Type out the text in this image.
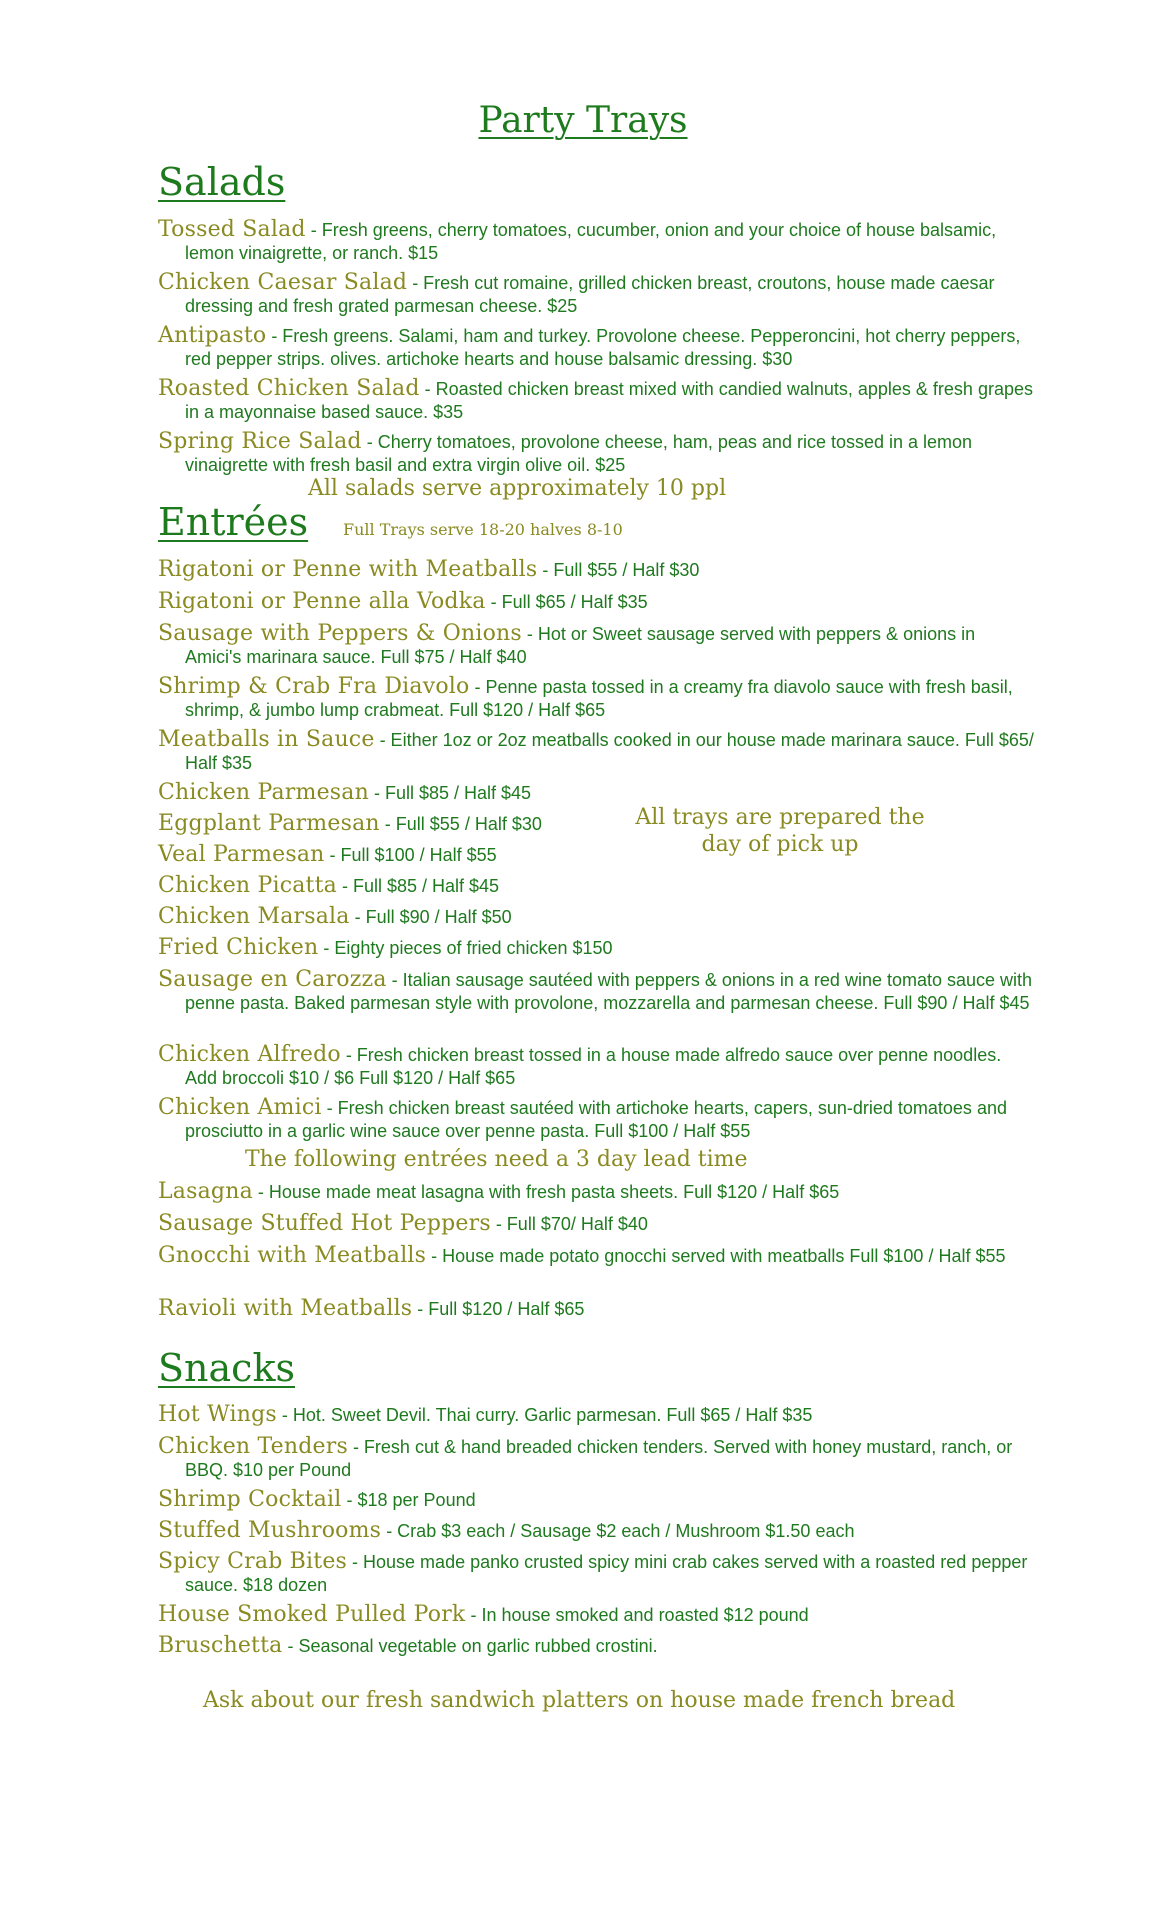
Party Trays
Salads
Tossed Salad - Fresh greens, cherry tomatoes, cucumber, onion and your choice of house balsamic, lemon vinaigrette, or ranch. $15
Chicken Caesar Salad - Fresh cut romaine, grilled chicken breast, croutons, house made caesar dressing and fresh grated parmesan cheese. $25
Antipasto - Fresh greens. Salami, ham and turkey. Provolone cheese. Pepperoncini, hot cherry peppers, red pepper strips. olives. artichoke hearts and house balsamic dressing. $30
Roasted Chicken Salad - Roasted chicken breast mixed with candied walnuts, apples & fresh grapes in a mayonnaise based sauce. $35
Spring Rice Salad - Cherry tomatoes, provolone cheese, ham, peas and rice tossed in a lemon vinaigrette with fresh basil and extra virgin olive oil. $25
All salads serve approximately 10 ppl
Entrées Full Trays serve 18-20 halves 8-10
Rigatoni or Penne with Meatballs - Full $55 / Half $30
Rigatoni or Penne alla Vodka - Full $65 / Half $35
Sausage with Peppers & Onions - Hot or Sweet sausage served with peppers & onions in Amici's marinara sauce. Full $75 / Half $40
Shrimp & Crab Fra Diavolo - Penne pasta tossed in a creamy fra diavolo sauce with fresh basil, shrimp, & jumbo lump crabmeat. Full $120 / Half $65
Meatballs in Sauce - Either 1oz or 2oz meatballs cooked in our house made marinara sauce. Full $65/ Half $35
Chicken Parmesan - Full $85 / Half $45
Eggplant Parmesan - Full $55 / Half $30
Veal Parmesan - Full $100 / Half $55
Chicken Picatta - Full $85 / Half $45
Chicken Marsala - Full $90 / Half $50
All trays are prepared the
day of pick up
Fried Chicken - Eighty pieces of fried chicken $150
Sausage en Carozza - Italian sausage sautéed with peppers & onions in a red wine tomato sauce with penne pasta. Baked parmesan style with provolone, mozzarella and parmesan cheese. Full $90 / Half $45
Chicken Alfredo - Fresh chicken breast tossed in a house made alfredo sauce over penne noodles. Add broccoli $10 / $6 Full $120 / Half $65
Chicken Amici - Fresh chicken breast sautéed with artichoke hearts, capers, sun-dried tomatoes and prosciutto in a garlic wine sauce over penne pasta. Full $100 / Half $55
The following entrées need a 3 day lead time
Lasagna - House made meat lasagna with fresh pasta sheets. Full $120 / Half $65
Sausage Stuffed Hot Peppers - Full $70/ Half $40
Gnocchi with Meatballs - House made potato gnocchi served with meatballs Full $100 / Half $55
Ravioli with Meatballs - Full $120 / Half $65
Snacks
Hot Wings - Hot. Sweet Devil. Thai curry. Garlic parmesan. Full $65 / Half $35
Chicken Tenders - Fresh cut & hand breaded chicken tenders. Served with honey mustard, ranch, or BBQ. $10 per Pound
Shrimp Cocktail - $18 per Pound
Stuffed Mushrooms - Crab $3 each / Sausage $2 each / Mushroom $1.50 each
Spicy Crab Bites - House made panko crusted spicy mini crab cakes served with a roasted red pepper sauce. $18 dozen
House Smoked Pulled Pork - In house smoked and roasted $12 pound
Bruschetta - Seasonal vegetable on garlic rubbed crostini.
Ask about our fresh sandwich platters on house made french bread
